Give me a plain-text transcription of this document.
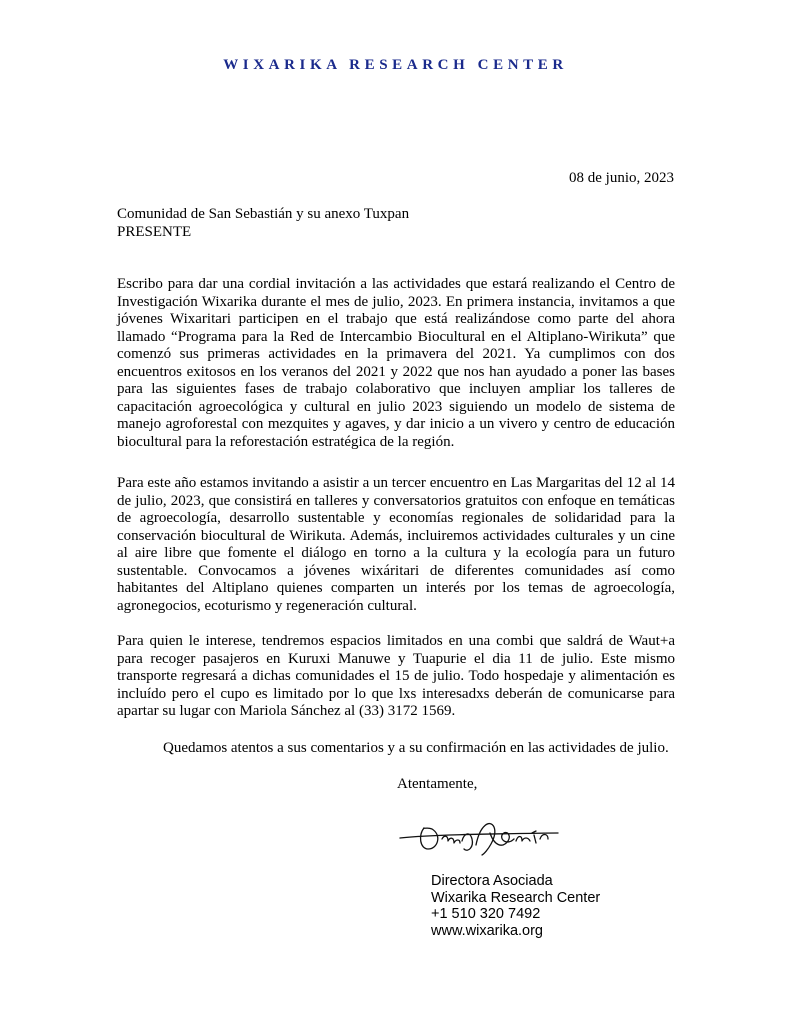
WIXARIKA RESEARCH CENTER
08 de junio, 2023
Comunidad de San Sebastián y su anexo Tuxpan
PRESENTE

Escribo para dar una cordial invitación a las actividades que estará realizando el Centro de Investigación Wixarika durante el mes de julio, 2023. En primera instancia, invitamos a que jóvenes Wixaritari participen en el trabajo que está realizándose como parte del ahora llamado “Programa para la Red de Intercambio Biocultural en el Altiplano-Wirikuta” que comenzó sus primeras actividades en la primavera del 2021. Ya cumplimos con dos encuentros exitosos en los veranos del 2021 y 2022 que nos han ayudado a poner las bases para las siguientes fases de trabajo colaborativo que incluyen ampliar los talleres de capacitación agroecológica y cultural en julio 2023 siguiendo un modelo de sistema de manejo agroforestal con mezquites y agaves, y dar inicio a un vivero y centro de educación biocultural para la reforestación estratégica de la región.

Para este año estamos invitando a asistir a un tercer encuentro en Las Margaritas del 12 al 14 de julio, 2023, que consistirá en talleres y conversatorios gratuitos con enfoque en temáticas de agroecología, desarrollo sustentable y economías regionales de solidaridad para la conservación biocultural de Wirikuta. Además, incluiremos actividades culturales y un cine al aire libre que fomente el diálogo en torno a la cultura y la ecología para un futuro sustentable. Convocamos a jóvenes wixáritari de diferentes comunidades así como habitantes del Altiplano quienes comparten un interés por los temas de agroecología, agronegocios, ecoturismo y regeneración cultural.

Para quien le interese, tendremos espacios limitados en una combi que saldrá de Waut+a para recoger pasajeros en Kuruxi Manuwe y Tuapurie el dia 11 de julio. Este mismo transporte regresará a dichas comunidades el 15 de julio. Todo hospedaje y alimentación es incluído pero el cupo es limitado por lo que lxs interesadxs deberán de comunicarse para apartar su lugar con Mariola Sánchez al (33) 3172 1569.

Quedamos atentos a sus comentarios y a su confirmación en las actividades de julio.
Atentamente,
Directora Asociada
Wixarika Research Center
+1 510 320 7492
www.wixarika.org
